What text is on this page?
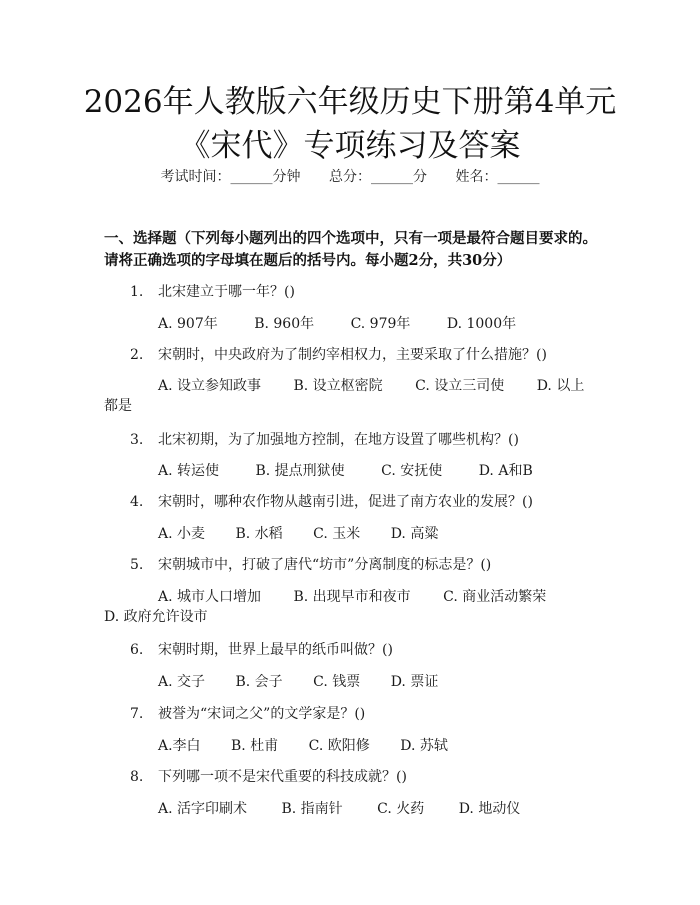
2026年人教版六年级历史下册第4单元《宋代》专项练习及答案
考试时间：______分钟 总分：______分 姓名：______
一、选择题（下列每小题列出的四个选项中，只有一项是最符合题目要求的。请将正确选项的字母填在题后的括号内。每小题2分，共30分）
1. 北宋建立于哪一年？()
A. 907年	B. 960年	C. 979年	D. 1000年
2. 宋朝时，中央政府为了制约宰相权力，主要采取了什么措施？()
A. 设立参知政事   B. 设立枢密院   C. 设立三司使   D. 以上都是
3. 北宋初期，为了加强地方控制，在地方设置了哪些机构？()
A. 转运使	B. 提点刑狱使	C. 安抚使	D. A和B
4. 宋朝时，哪种农作物从越南引进，促进了南方农业的发展？()
A. 小麦 B. 水稻 C. 玉米 D. 高粱
5. 宋朝城市中，打破了唐代“坊市”分离制度的标志是？()
A. 城市人口增加   B. 出现早市和夜市   C. 商业活动繁荣   D. 政府允许设市
6. 宋朝时期，世界上最早的纸币叫做？()
A. 交子 B. 会子 C. 钱票 D. 票证
7. 被誉为“宋词之父”的文学家是？()
A.李白 B. 杜甫 C. 欧阳修 D. 苏轼
8. 下列哪一项不是宋代重要的科技成就？()
A. 活字印刷术 B. 指南针 C. 火药 D. 地动仪
